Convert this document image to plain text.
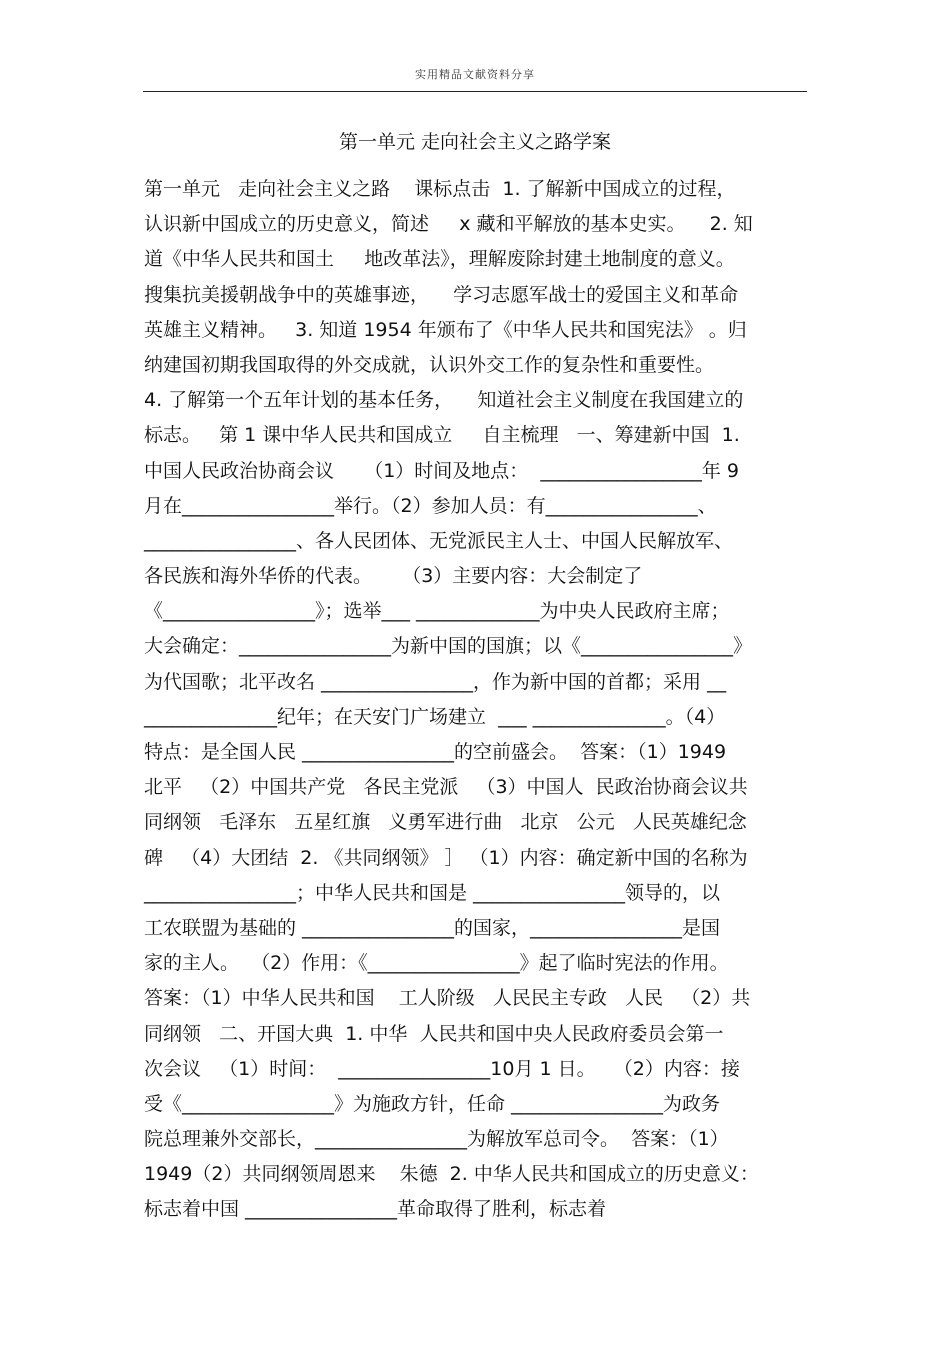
实用精品文献资料分享
第一单元 走向社会主义之路学案
第一单元   走向社会主义之路    课标点击  1. 了解新中国成立的过程，
认识新中国成立的历史意义，简述     x 藏和平解放的基本史实。    2. 知
道《中华人民共和国土     地改革法》，理解废除封建土地制度的意义。
搜集抗美援朝战争中的英雄事迹，    学习志愿军战士的爱国主义和革命
英雄主义精神。   3. 知道 1954 年颁布了《中华人民共和国宪法》 。归
纳建国初期我国取得的外交成就，认识外交工作的复杂性和重要性。
4. 了解第一个五年计划的基本任务，    知道社会主义制度在我国建立的
标志。   第 1 课中华人民共和国成立     自主梳理   一、筹建新中国  1.
中国人民政治协商会议     （1）时间及地点：  _________________年 9
月在________________举行。（2）参加人员：有________________、
________________、各人民团体、无党派民主人士、中国人民解放军、
各民族和海外华侨的代表。     （3）主要内容：大会制定了
《________________》；选举___ _____________为中央人民政府主席；
大会确定：________________为新中国的国旗；以《________________》
为代国歌；北平改名 ________________，作为新中国的首都；采用 __
______________纪年；在天安门广场建立  ___ ______________。（4）
特点：是全国人民 ________________的空前盛会。  答案：（1）1949
北平   （2）中国共产党   各民主党派   （3）中国人  民政治协商会议共
同纲领   毛泽东   五星红旗   义勇军进行曲   北京   公元   人民英雄纪念
碑   （4）大团结  2. 《共同纲领》 ］ （1）内容：确定新中国的名称为
________________；中华人民共和国是 ________________领导的，以
工农联盟为基础的 ________________的国家，________________是国
家的主人。  （2）作用：《________________》起了临时宪法的作用。
答案：（1）中华人民共和国    工人阶级   人民民主专政   人民   （2）共
同纲领   二、开国大典  1. 中华  人民共和国中央人民政府委员会第一
次会议   （1）时间：  ________________10月 1 日。   （2）内容：接
受《________________》为施政方针，任命 ________________为政务
院总理兼外交部长，________________为解放军总司令。  答案：（1）
1949（2）共同纲领周恩来    朱德  2. 中华人民共和国成立的历史意义：
标志着中国 ________________革命取得了胜利，标志着
